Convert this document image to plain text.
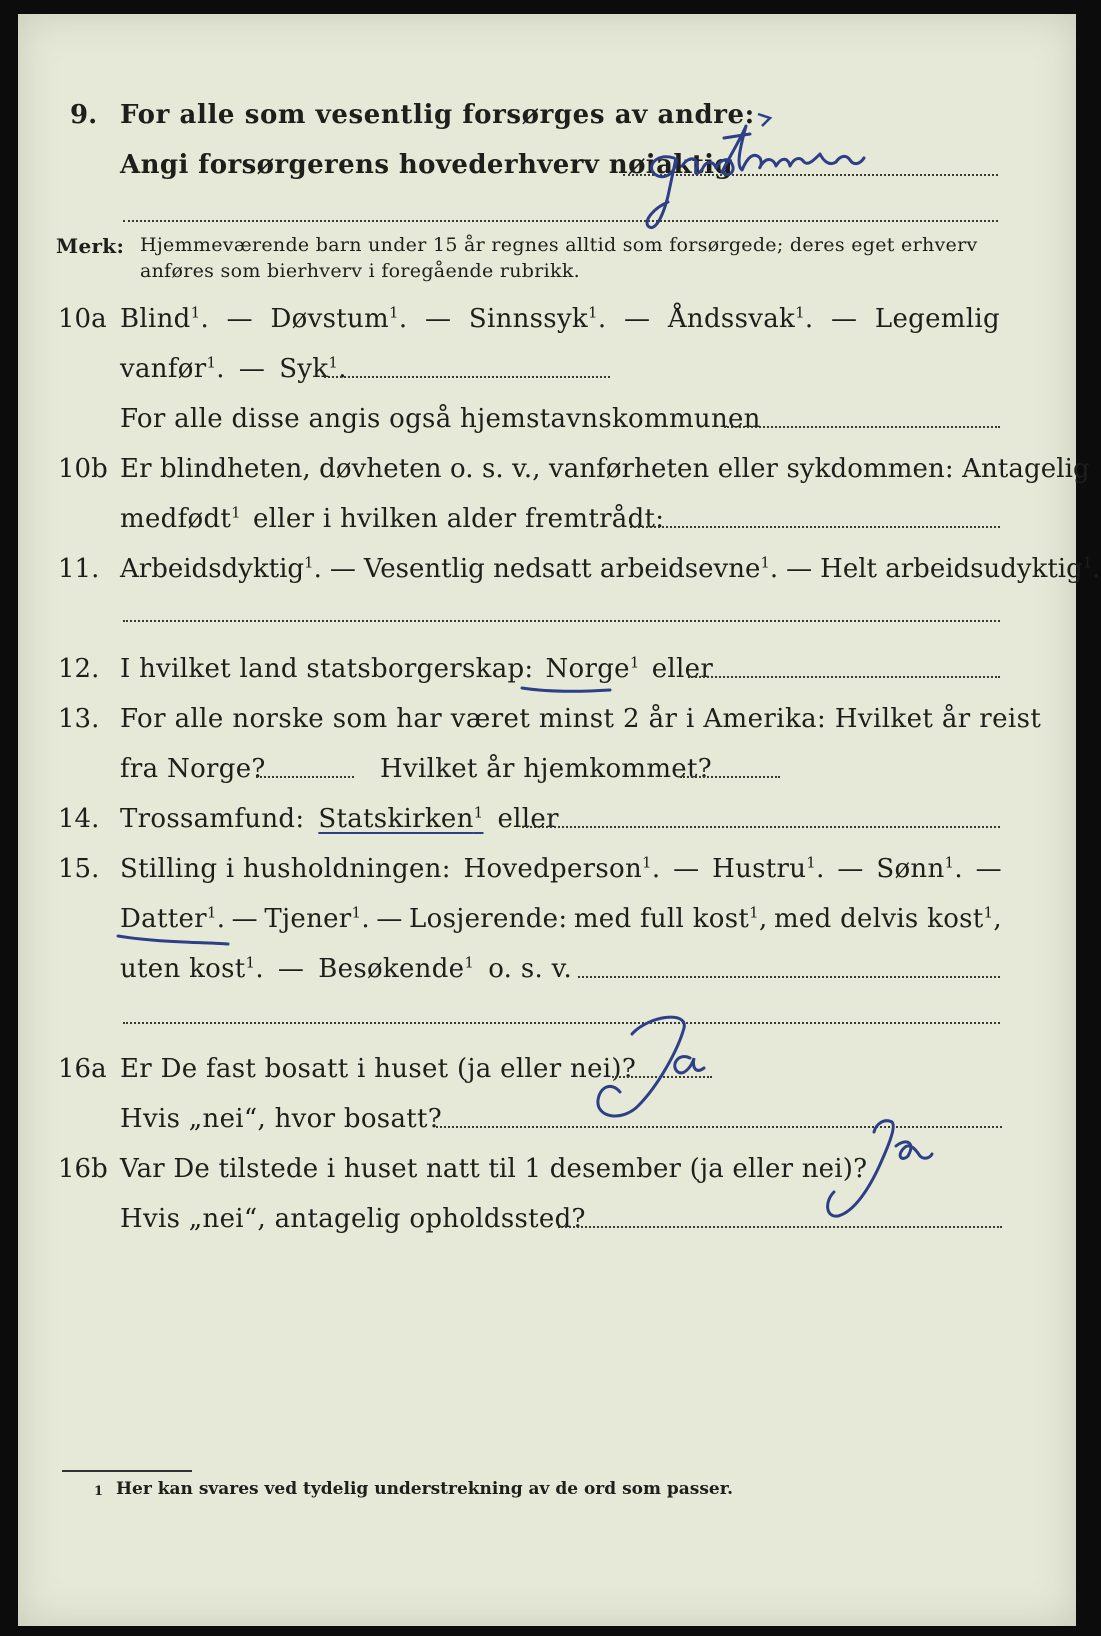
9. For alle som vesentlig forsørges av andre:
Angi forsørgerens hovederhverv nøiaktig
Merk: Hjemmeværende barn under 15 år regnes alltid som forsørgede; deres eget erhverv
anføres som bierhverv i foregående rubrikk.
10a Blind$^1$. — Døvstum$^1$. — Sinnssyk$^1$. — Åndssvak$^1$. — Legemlig
vanfør$^1$. — Syk$^1$.
For alle disse angis også hjemstavnskommunen
10b Er blindheten, døvheten o. s. v., vanførheten eller sykdommen: Antagelig
medfødt$^1$ eller i hvilken alder fremtrådt:
11. Arbeidsdyktig$^1$. — Vesentlig nedsatt arbeidsevne$^1$. — Helt arbeidsudyktig$^1$.
12. I hvilket land statsborgerskap: Norge$^1$ eller
13. For alle norske som har været minst 2 år i Amerika: Hvilket år reist
fra Norge?	Hvilket år hjemkommet?
14. Trossamfund: Statskirken$^1$ eller
15. Stilling i husholdningen: Hovedperson$^1$. — Hustru$^1$. — Sønn$^1$. —
Datter$^1$. — Tjener$^1$. — Losjerende: med full kost$^1$, med delvis kost$^1$,
uten kost$^1$. — Besøkende$^1$ o. s. v.
16a Er De fast bosatt i huset (ja eller nei)?
Hvis „nei“, hvor bosatt?
16b Var De tilstede i huset natt til 1 desember (ja eller nei)?
Hvis „nei“, antagelig opholdssted?
1 Her kan svares ved tydelig understrekning av de ord som passer.
